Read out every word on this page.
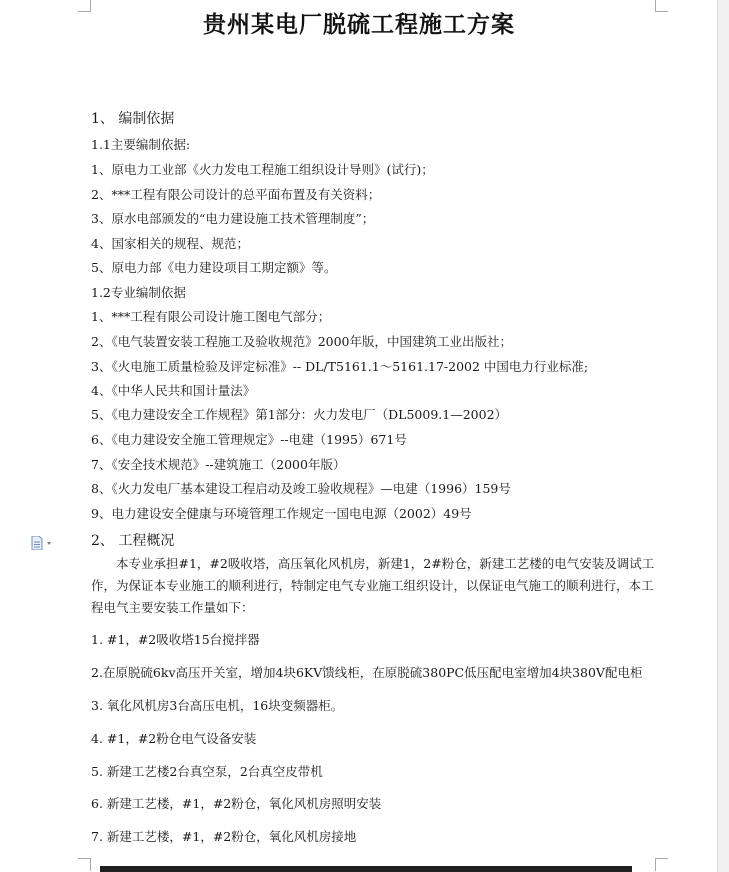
贵州某电厂脱硫工程施工方案
1、 编制依据
1.1主要编制依据:
1、原电力工业部《火力发电工程施工组织设计导则》(试行)；
2、***工程有限公司设计的总平面布置及有关资料；
3、原水电部颁发的“电力建设施工技术管理制度”；
4、国家相关的规程、规范；
5、原电力部《电力建设项目工期定额》等。
1.2专业编制依据
1、***工程有限公司设计施工图电气部分；
2、《电气装置安装工程施工及验收规范》2000年版，中国建筑工业出版社；
3、《火电施工质量检验及评定标准》-- DL/T5161.1～5161.17-2002 中国电力行业标准;
4、《中华人民共和国计量法》
5、《电力建设安全工作规程》第1部分：火力发电厂（DL5009.1—2002）
6、《电力建设安全施工管理规定》--电建（1995）671号
7、《安全技术规范》--建筑施工（2000年版）
8、《火力发电厂基本建设工程启动及竣工验收规程》—电建（1996）159号
9、电力建设安全健康与环境管理工作规定一国电电源（2002）49号
2、 工程概况
本专业承担#1，#2吸收塔，高压氧化风机房，新建1，2#粉仓，新建工艺楼的电气安装及调试工作，为保证本专业施工的顺利进行，特制定电气专业施工组织设计，以保证电气施工的顺利进行，本工程电气主要安装工作量如下：
1. #1，#2吸收塔15台搅拌器
2.在原脱硫6kv高压开关室，增加4块6KV馈线柜，在原脱硫380PC低压配电室增加4块380V配电柜
3. 氧化风机房3台高压电机，16块变频器柜。
4. #1，#2粉仓电气设备安装
5. 新建工艺楼2台真空泵，2台真空皮带机
6. 新建工艺楼，#1，#2粉仓，氧化风机房照明安装
7. 新建工艺楼，#1，#2粉仓，氧化风机房接地
